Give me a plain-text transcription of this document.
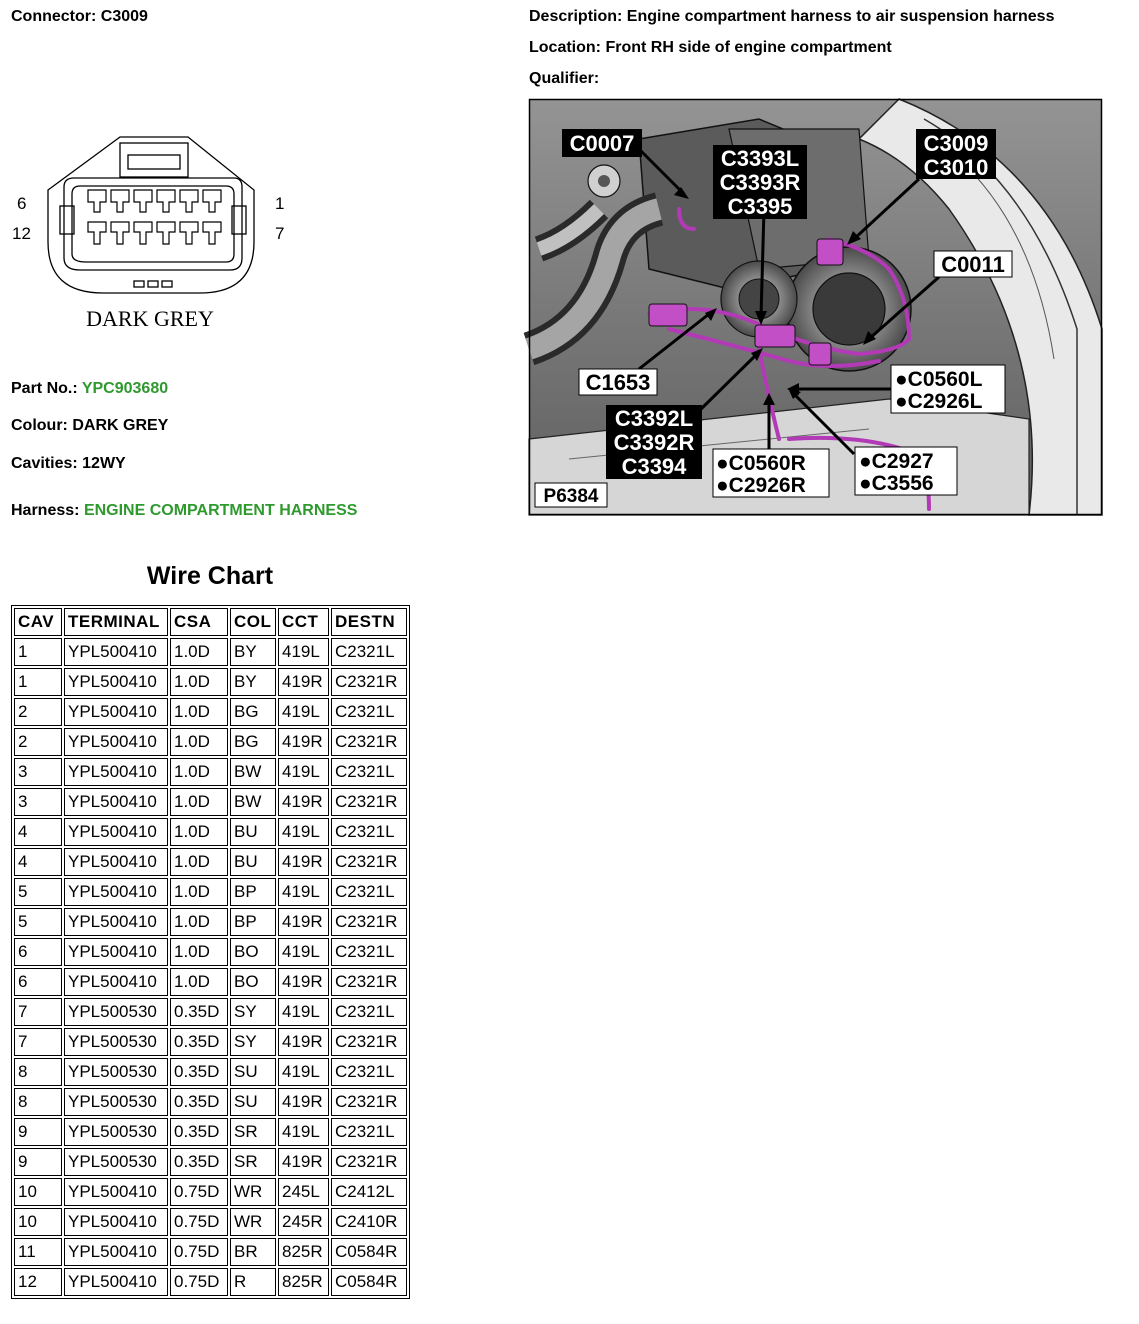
Connector: C3009	Description: Engine compartment harness to air suspension harness
Location: Front RH side of engine compartment
Qualifier:
6
12
1
7
DARK GREY
Part No.: YPC903680
Colour: DARK GREY
Cavities: 12WY
Harness: ENGINE COMPARTMENT HARNESS
C0007
C3393L
C3393R
C3395
C3009
C3010
C0011
C1653	●C0560L
●C2926L
C3392L
C3392R
C3394 ●C0560R
●C2926R
●C2927
●C3556
P6384
Wire Chart
CAV	TERMINAL	CSA	COL	CCT	DESTN
1	YPL500410	1.0D	BY	419L	C2321L
1	YPL500410	1.0D	BY	419R	C2321R
2	YPL500410	1.0D	BG	419L	C2321L
2	YPL500410	1.0D	BG	419R	C2321R
3	YPL500410	1.0D	BW	419L	C2321L
3	YPL500410	1.0D	BW	419R	C2321R
4	YPL500410	1.0D	BU	419L	C2321L
4	YPL500410	1.0D	BU	419R	C2321R
5	YPL500410	1.0D	BP	419L	C2321L
5	YPL500410	1.0D	BP	419R	C2321R
6	YPL500410	1.0D	BO	419L	C2321L
6	YPL500410	1.0D	BO	419R	C2321R
7	YPL500530	0.35D	SY	419L	C2321L
7	YPL500530	0.35D	SY	419R	C2321R
8	YPL500530	0.35D	SU	419L	C2321L
8	YPL500530	0.35D	SU	419R	C2321R
9	YPL500530	0.35D	SR	419L	C2321L
9	YPL500530	0.35D	SR	419R	C2321R
10	YPL500410	0.75D	WR	245L	C2412L
10	YPL500410	0.75D	WR	245R	C2410R
11	YPL500410	0.75D	BR	825R	C0584R
12	YPL500410	0.75D	R	825R	C0584R
